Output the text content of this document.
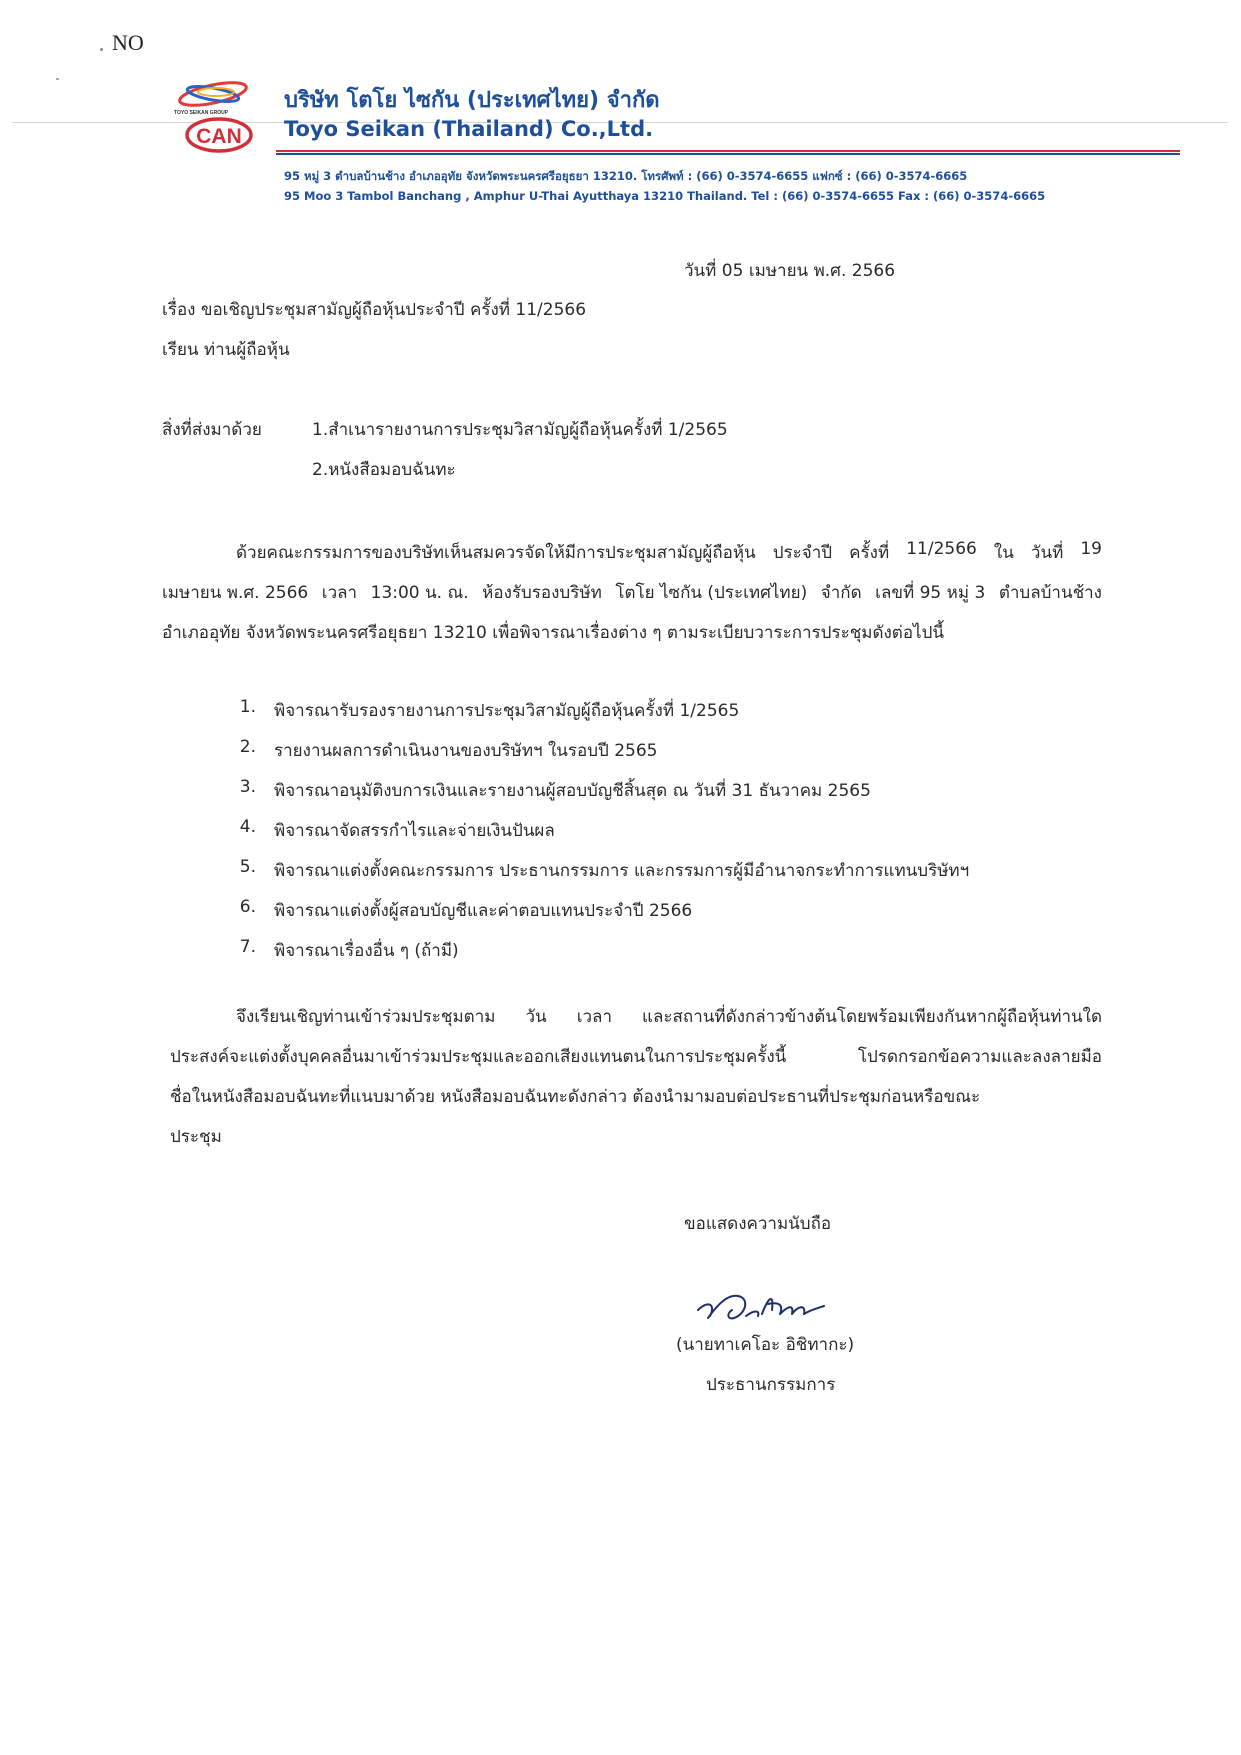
NO
TOYO SEIKAN GROUP
CAN
บริษัท โตโย ไซกัน (ประเทศไทย) จำกัด
Toyo Seikan (Thailand) Co.,Ltd.
95 หมู่ 3 ตำบลบ้านช้าง อำเภออุทัย จังหวัดพระนครศรีอยุธยา 13210. โทรศัพท์ : (66) 0-3574-6655 แฟกซ์ : (66) 0-3574-6665
95 Moo 3 Tambol Banchang , Amphur U-Thai Ayutthaya 13210 Thailand. Tel : (66) 0-3574-6655 Fax : (66) 0-3574-6665
วันที่ 05 เมษายน พ.ศ. 2566
เรื่อง ขอเชิญประชุมสามัญผู้ถือหุ้นประจำปี ครั้งที่ 11/2566
เรียน ท่านผู้ถือหุ้น
สิ่งที่ส่งมาด้วย	1.สำเนารายงานการประชุมวิสามัญผู้ถือหุ้นครั้งที่ 1/2565
2.หนังสือมอบฉันทะ
ด้วยคณะกรรมการของบริษัทเห็นสมควรจัดให้มีการประชุมสามัญผู้ถือหุ้น ประจำปี ครั้งที่ 11/2566 ใน วันที่ 19
เมษายน พ.ศ. 2566 เวลา 13:00 น. ณ. ห้องรับรองบริษัท โตโย ไซกัน (ประเทศไทย) จำกัด เลขที่ 95 หมู่ 3 ตำบลบ้านช้าง
อำเภออุทัย จังหวัดพระนครศรีอยุธยา 13210 เพื่อพิจารณาเรื่องต่าง ๆ ตามระเบียบวาระการประชุมดังต่อไปนี้
1. พิจารณารับรองรายงานการประชุมวิสามัญผู้ถือหุ้นครั้งที่ 1/2565
2. รายงานผลการดำเนินงานของบริษัทฯ ในรอบปี 2565
3. พิจารณาอนุมัติงบการเงินและรายงานผู้สอบบัญชีสิ้นสุด ณ วันที่ 31 ธันวาคม 2565
4. พิจารณาจัดสรรกำไรและจ่ายเงินปันผล
5. พิจารณาแต่งตั้งคณะกรรมการ ประธานกรรมการ และกรรมการผู้มีอำนาจกระทำการแทนบริษัทฯ
6. พิจารณาแต่งตั้งผู้สอบบัญชีและค่าตอบแทนประจำปี 2566
7. พิจารณาเรื่องอื่น ๆ (ถ้ามี)
จึงเรียนเชิญท่านเข้าร่วมประชุมตาม วัน เวลา และสถานที่ดังกล่าวข้างต้นโดยพร้อมเพียงกันหากผู้ถือหุ้นท่านใด
ประสงค์จะแต่งตั้งบุคคลอื่นมาเข้าร่วมประชุมและออกเสียงแทนตนในการประชุมครั้งนี้	โปรดกรอกข้อความและลงลายมือ
ชื่อในหนังสือมอบฉันทะที่แนบมาด้วย หนังสือมอบฉันทะดังกล่าว ต้องนำมามอบต่อประธานที่ประชุมก่อนหรือขณะ
ประชุม
ขอแสดงความนับถือ
(นายทาเคโอะ อิชิทากะ)
ประธานกรรมการ
